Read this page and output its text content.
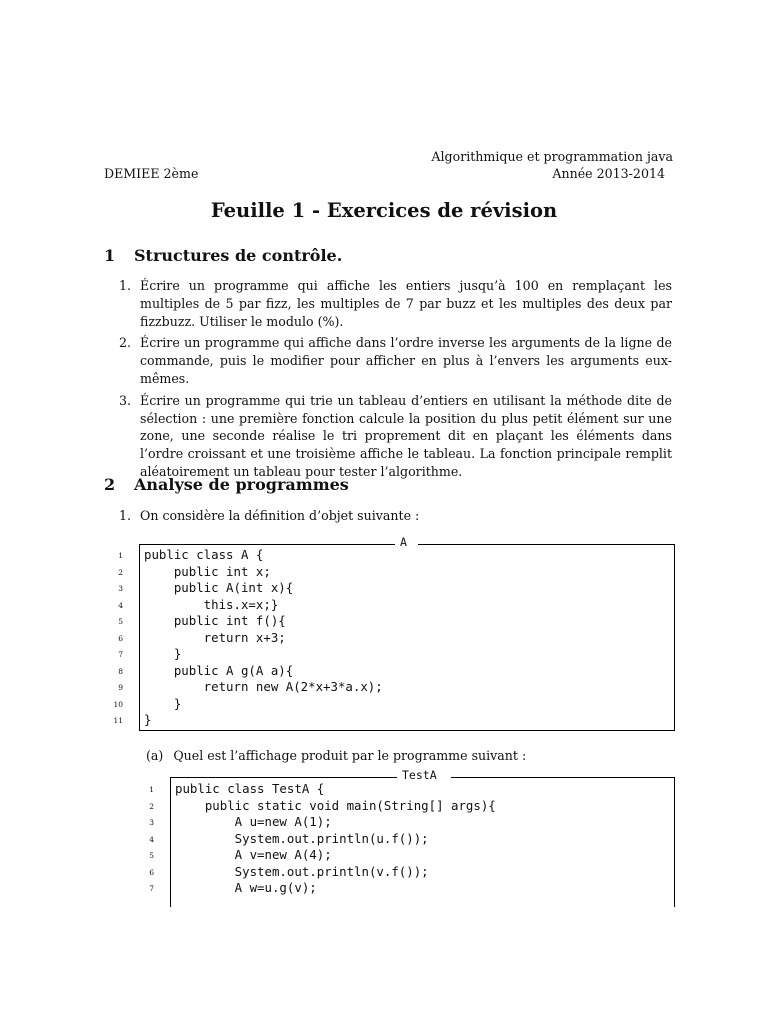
Algorithmique et programmation java
Année 2013-2014
DEMIEE 2ème
Feuille 1 - Exercices de révision
1 Structures de contrôle.
1. Écrire un programme qui affiche les entiers jusqu’à 100 en remplaçant les multiples de 5 par fizz, les multiples de 7 par buzz et les multiples des deux par fizzbuzz. Utiliser le modulo (%).
2. Écrire un programme qui affiche dans l’ordre inverse les arguments de la ligne de commande, puis le modifier pour afficher en plus à l’envers les arguments eux-mêmes.
3. Écrire un programme qui trie un tableau d’entiers en utilisant la méthode dite de sélection : une première fonction calcule la position du plus petit élément sur une zone, une seconde réalise le tri proprement dit en plaçant les éléments dans l’ordre croissant et une troisième affiche le tableau. La fonction principale remplit aléatoirement un tableau pour tester l’algorithme.
2 Analyse de programmes
1. On considère la définition d’objet suivante :
A
public class A {
public int x;
public A(int x){
this.x=x;}
public int f(){
return x+3;
}
public A g(A a){
return new A(2*x+3*a.x);
}
}
1
2
3
4
5
6
7
8
9
10
11
(a) Quel est l’affichage produit par le programme suivant :
TestA
public class TestA {
public static void main(String[] args){
A u=new A(1);
System.out.println(u.f());
A v=new A(4);
System.out.println(v.f());
A w=u.g(v);
1
2
3
4
5
6
7
